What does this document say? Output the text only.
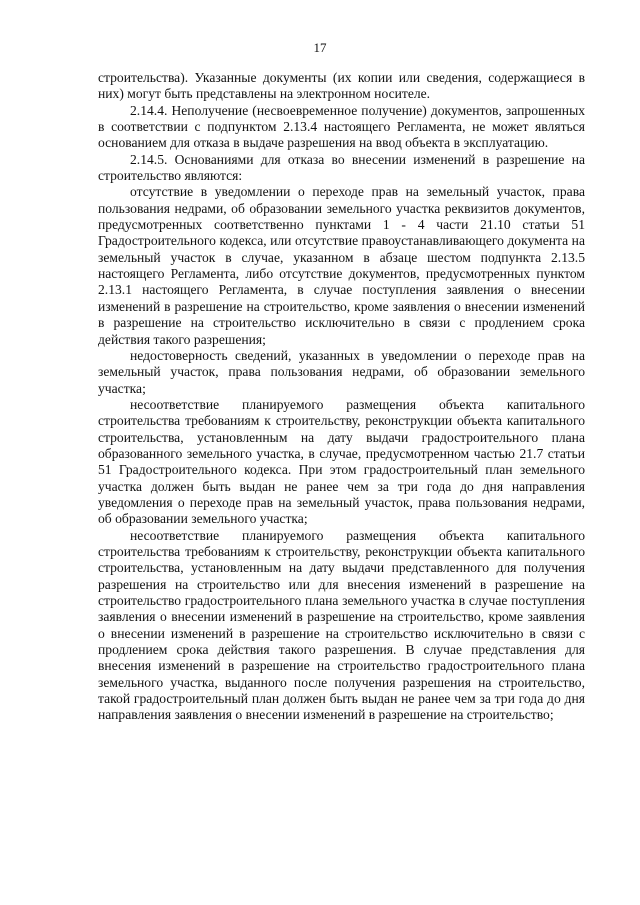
17

строительства). Указанные документы (их копии или сведения, содержащиеся в них) могут быть представлены на электронном носителе.

2.14.4. Неполучение (несвоевременное получение) документов, запрошенных в соответствии с подпунктом 2.13.4 настоящего Регламента, не может являться основанием для отказа в выдаче разрешения на ввод объекта в эксплуатацию.

2.14.5. Основаниями для отказа во внесении изменений в разрешение на строительство являются:

отсутствие в уведомлении о переходе прав на земельный участок, права пользования недрами, об образовании земельного участка реквизитов документов, предусмотренных соответственно пунктами 1 - 4 части 21.10 статьи 51 Градостроительного кодекса, или отсутствие правоустанавливающего документа на земельный участок в случае, указанном в абзаце шестом подпункта 2.13.5 настоящего Регламента, либо отсутствие документов, предусмотренных пунктом 2.13.1 настоящего Регламента, в случае поступления заявления о внесении изменений в разрешение на строительство, кроме заявления о внесении изменений в разрешение на строительство исключительно в связи с продлением срока действия такого разрешения;

недостоверность сведений, указанных в уведомлении о переходе прав на земельный участок, права пользования недрами, об образовании земельного участка;

несоответствие планируемого размещения объекта капитального строительства требованиям к строительству, реконструкции объекта капитального строительства, установленным на дату выдачи градостроительного плана образованного земельного участка, в случае, предусмотренном частью 21.7 статьи 51 Градостроительного кодекса. При этом градостроительный план земельного участка должен быть выдан не ранее чем за три года до дня направления уведомления о переходе прав на земельный участок, права пользования недрами, об образовании земельного участка;

несоответствие планируемого размещения объекта капитального строительства требованиям к строительству, реконструкции объекта капитального строительства, установленным на дату выдачи представленного для получения разрешения на строительство или для внесения изменений в разрешение на строительство градостроительного плана земельного участка в случае поступления заявления о внесении изменений в разрешение на строительство, кроме заявления о внесении изменений в разрешение на строительство исключительно в связи с продлением срока действия такого разрешения. В случае представления для внесения изменений в разрешение на строительство градостроительного плана земельного участка, выданного после получения разрешения на строительство, такой градостроительный план должен быть выдан не ранее чем за три года до дня направления заявления о внесении изменений в разрешение на строительство;
